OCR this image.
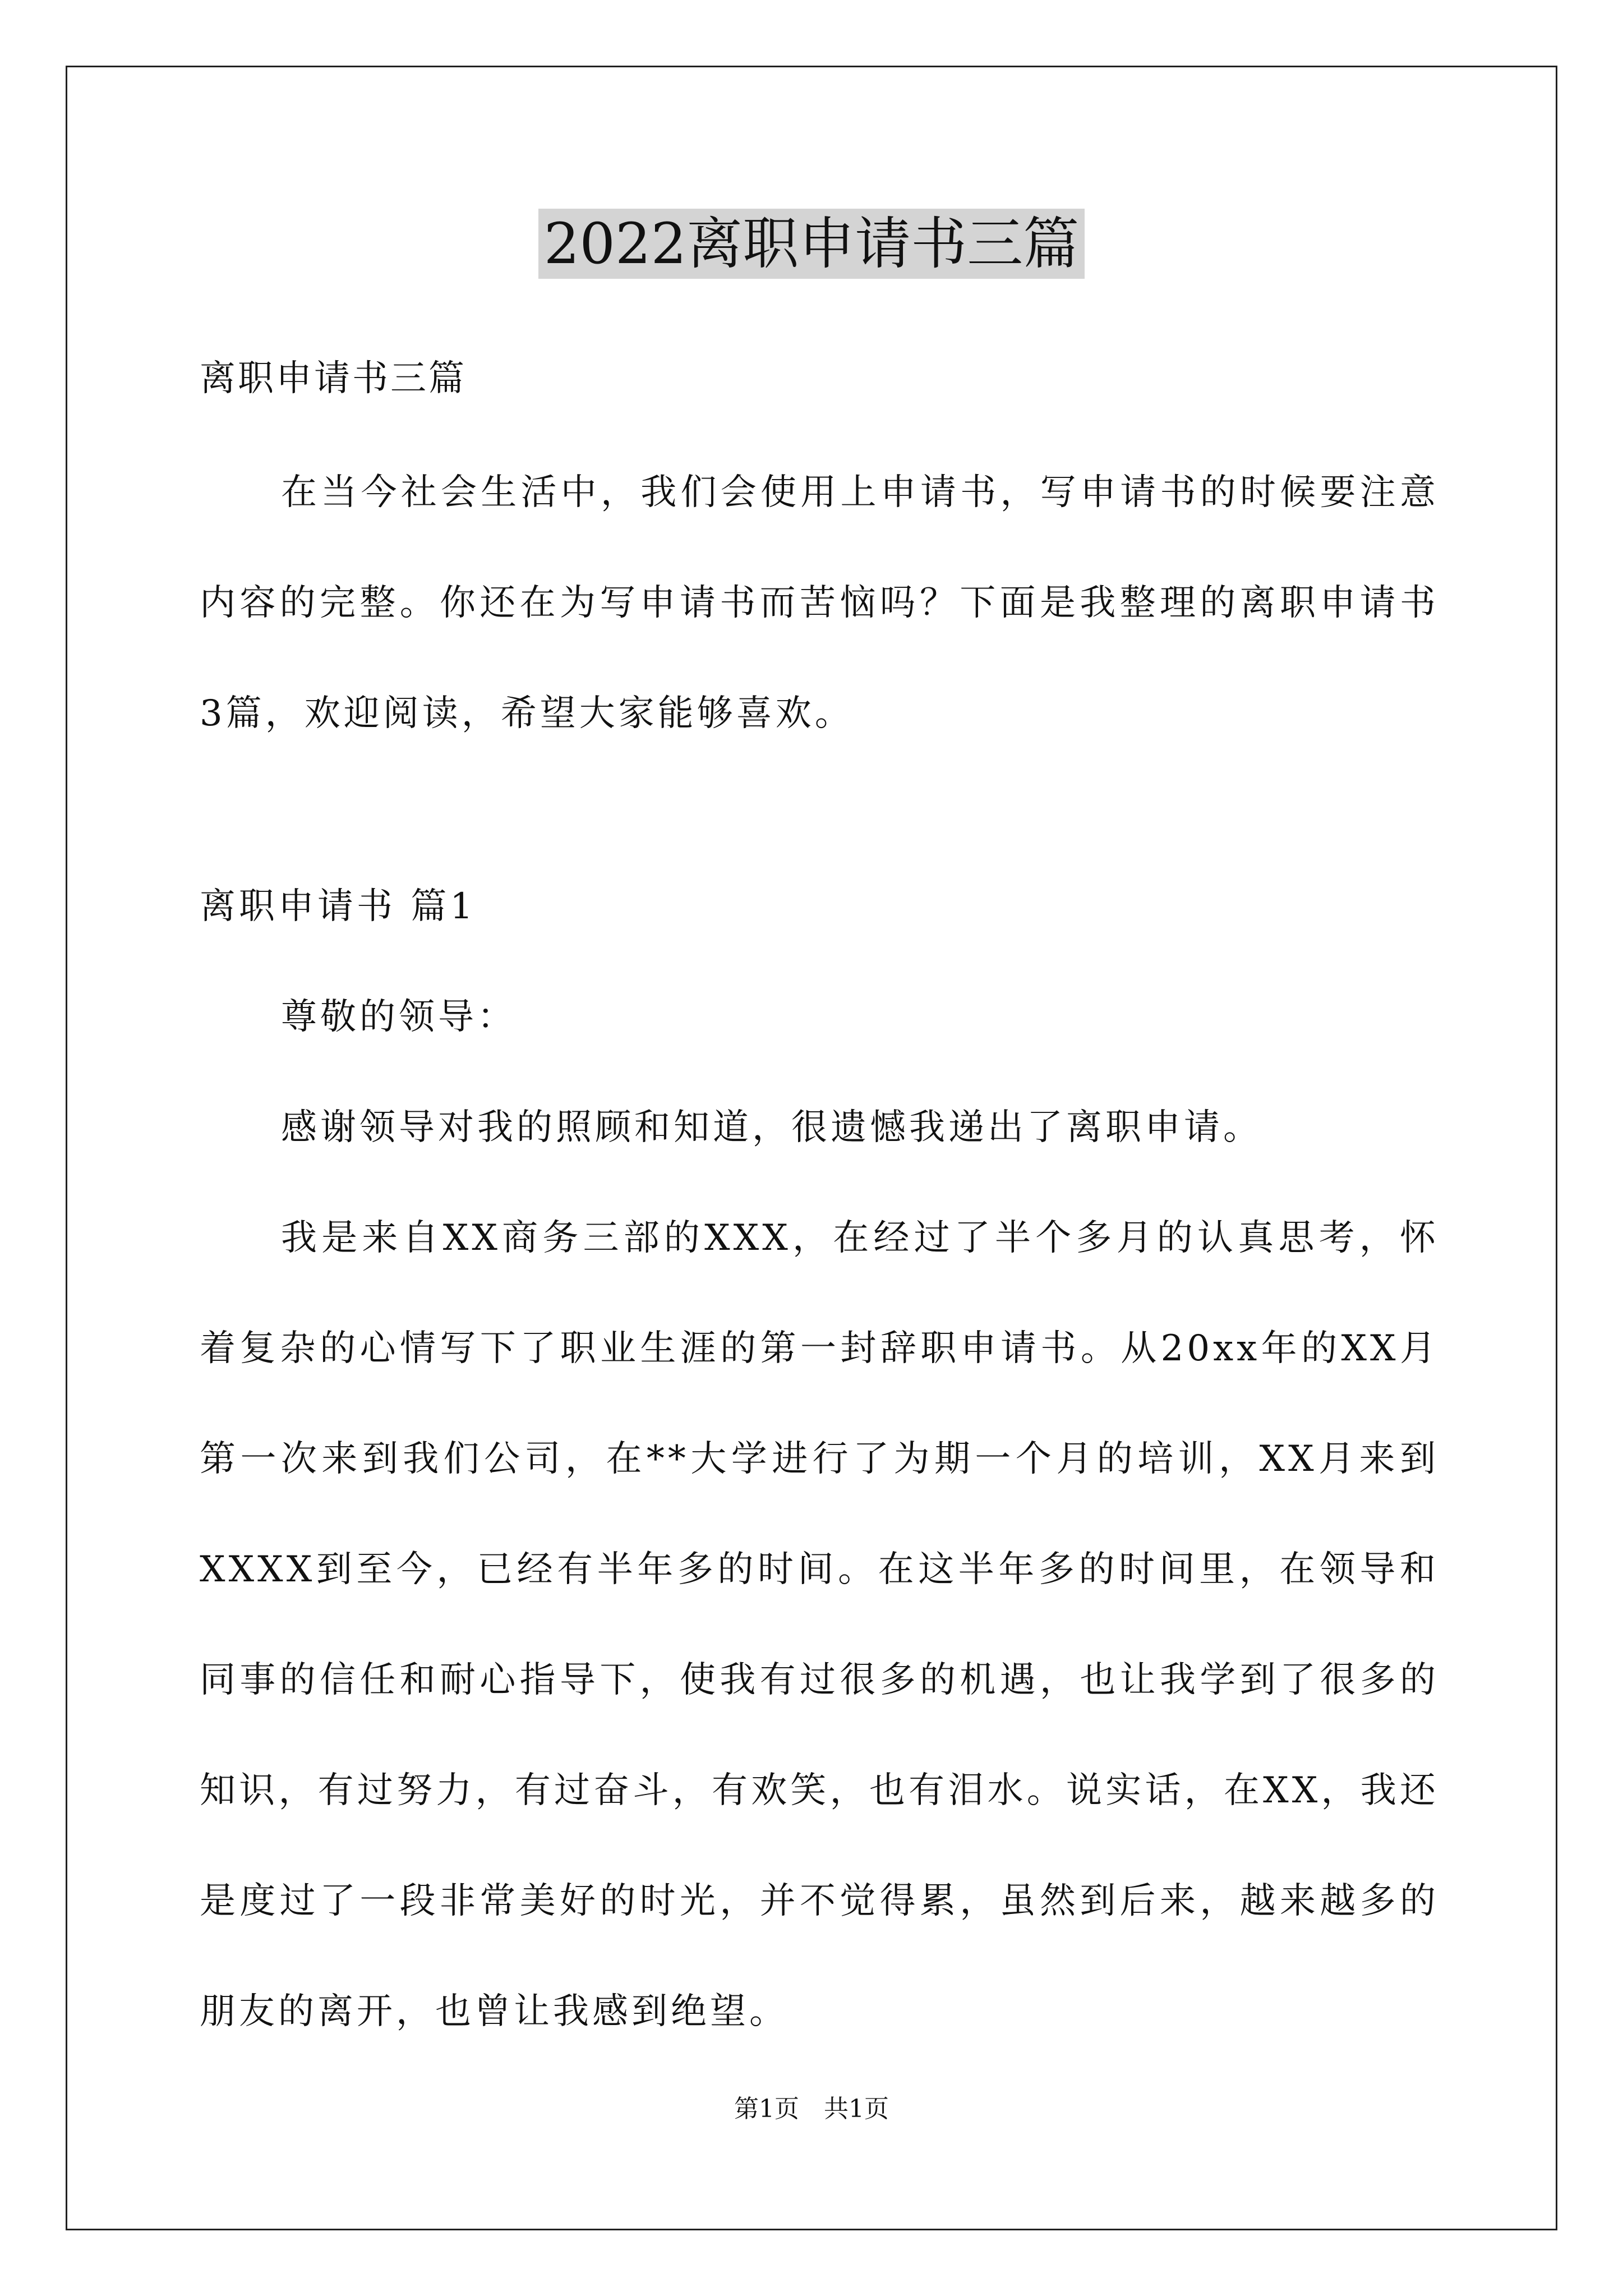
2022离职申请书三篇

离职申请书三篇

在当今社会生活中，我们会使用上申请书，写申请书的时候要注意内容的完整。你还在为写申请书而苦恼吗？下面是我整理的离职申请书3篇，欢迎阅读，希望大家能够喜欢。

离职申请书 篇1

尊敬的领导：

感谢领导对我的照顾和知道，很遗憾我递出了离职申请。

我是来自XX商务三部的XXX，在经过了半个多月的认真思考，怀着复杂的心情写下了职业生涯的第一封辞职申请书。从20xx年的XX月第一次来到我们公司，在**大学进行了为期一个月的培训，XX月来到XXXX到至今，已经有半年多的时间。在这半年多的时间里，在领导和同事的信任和耐心指导下，使我有过很多的机遇，也让我学到了很多的知识，有过努力，有过奋斗，有欢笑，也有泪水。说实话，在XX，我还是度过了一段非常美好的时光，并不觉得累，虽然到后来，越来越多的朋友的离开，也曾让我感到绝望。

第1页　共1页
